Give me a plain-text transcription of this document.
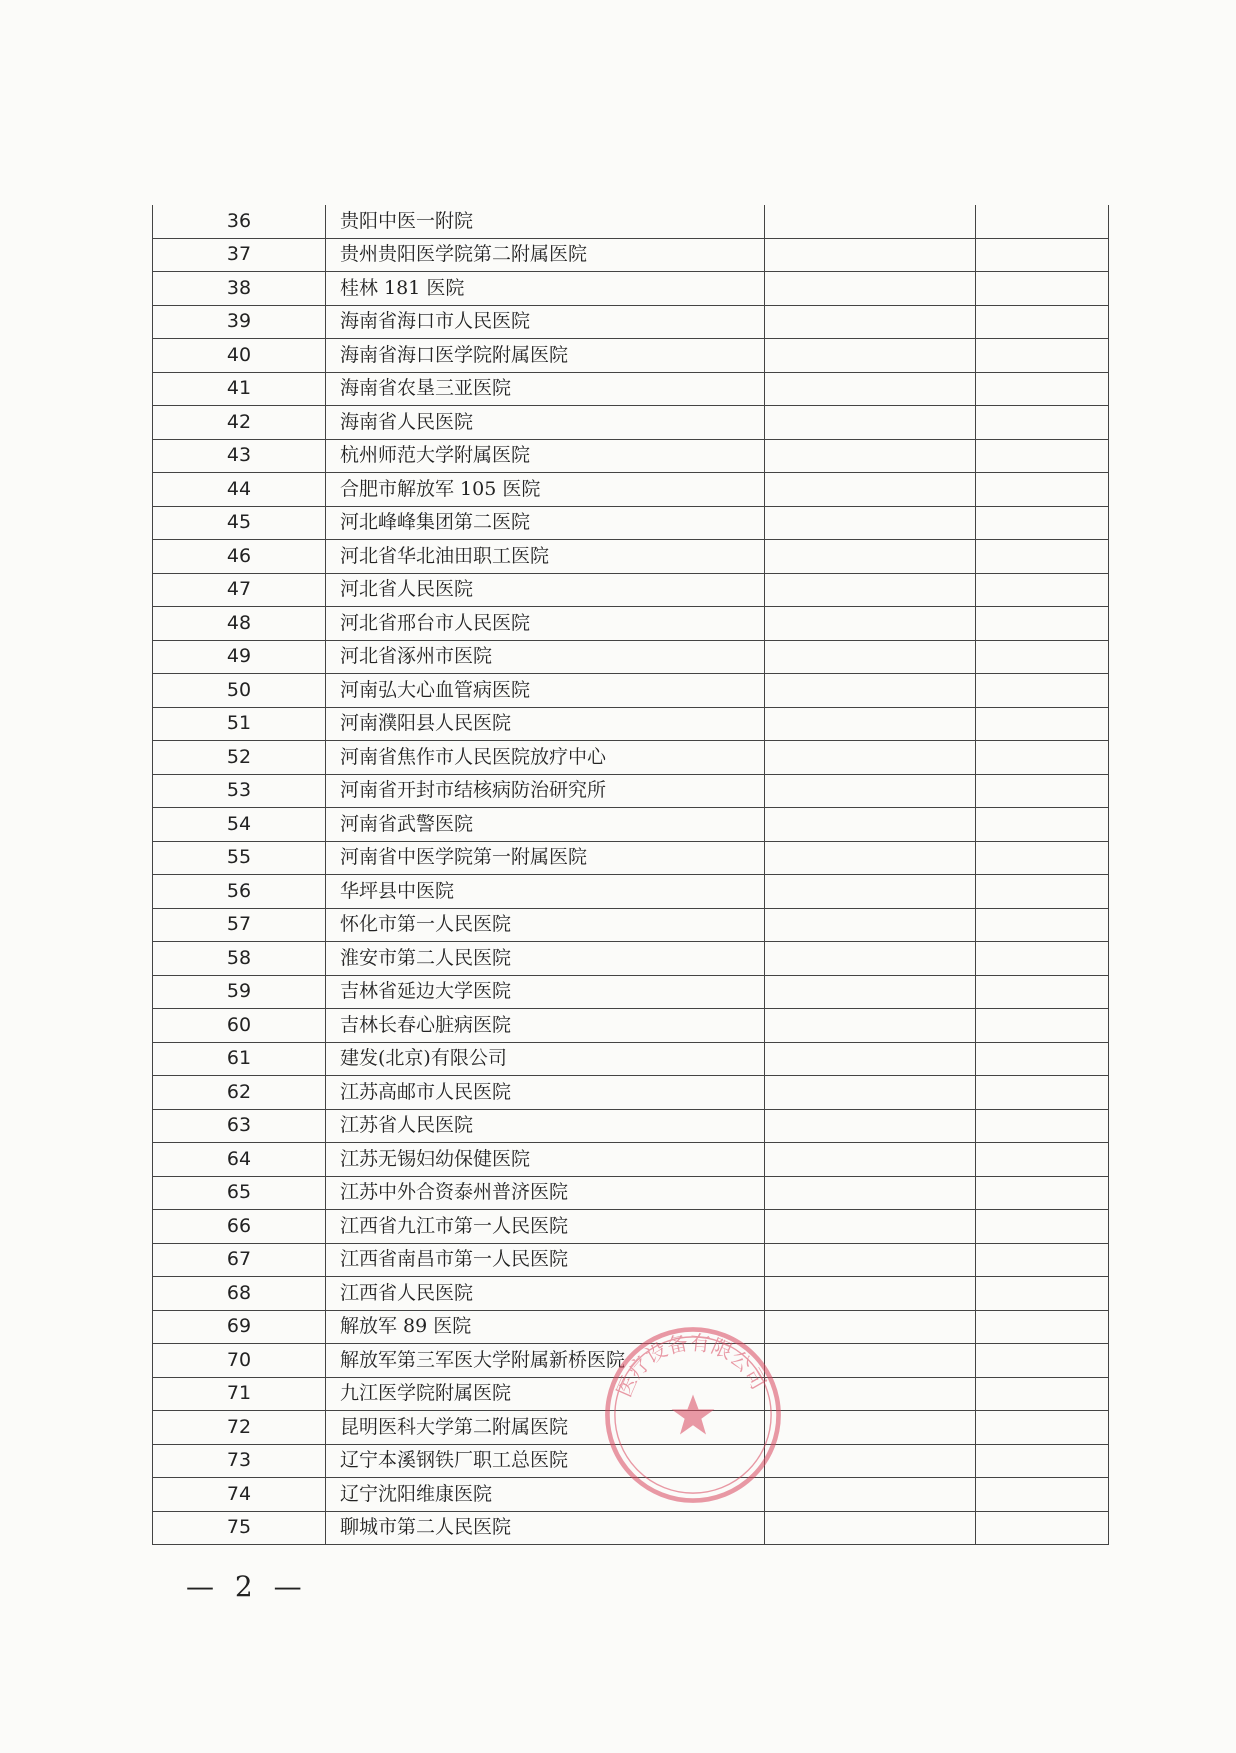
36	贵阳中医一附院		
37	贵州贵阳医学院第二附属医院		
38	桂林 181 医院		
39	海南省海口市人民医院		
40	海南省海口医学院附属医院		
41	海南省农垦三亚医院		
42	海南省人民医院		
43	杭州师范大学附属医院		
44	合肥市解放军 105 医院		
45	河北峰峰集团第二医院		
46	河北省华北油田职工医院		
47	河北省人民医院		
48	河北省邢台市人民医院		
49	河北省涿州市医院		
50	河南弘大心血管病医院		
51	河南濮阳县人民医院		
52	河南省焦作市人民医院放疗中心		
53	河南省开封市结核病防治研究所		
54	河南省武警医院		
55	河南省中医学院第一附属医院		
56	华坪县中医院		
57	怀化市第一人民医院		
58	淮安市第二人民医院		
59	吉林省延边大学医院		
60	吉林长春心脏病医院		
61	建发(北京)有限公司		
62	江苏高邮市人民医院		
63	江苏省人民医院		
64	江苏无锡妇幼保健医院		
65	江苏中外合资泰州普济医院		
66	江西省九江市第一人民医院		
67	江西省南昌市第一人民医院		
68	江西省人民医院		
69	解放军 89 医院		
70	解放军第三军医大学附属新桥医院		
71	九江医学院附属医院		
72	昆明医科大学第二附属医院		
73	辽宁本溪钢铁厂职工总医院		
74	辽宁沈阳维康医院		
75	聊城市第二人民医院		
医疗设备有限公司
— 2 —
